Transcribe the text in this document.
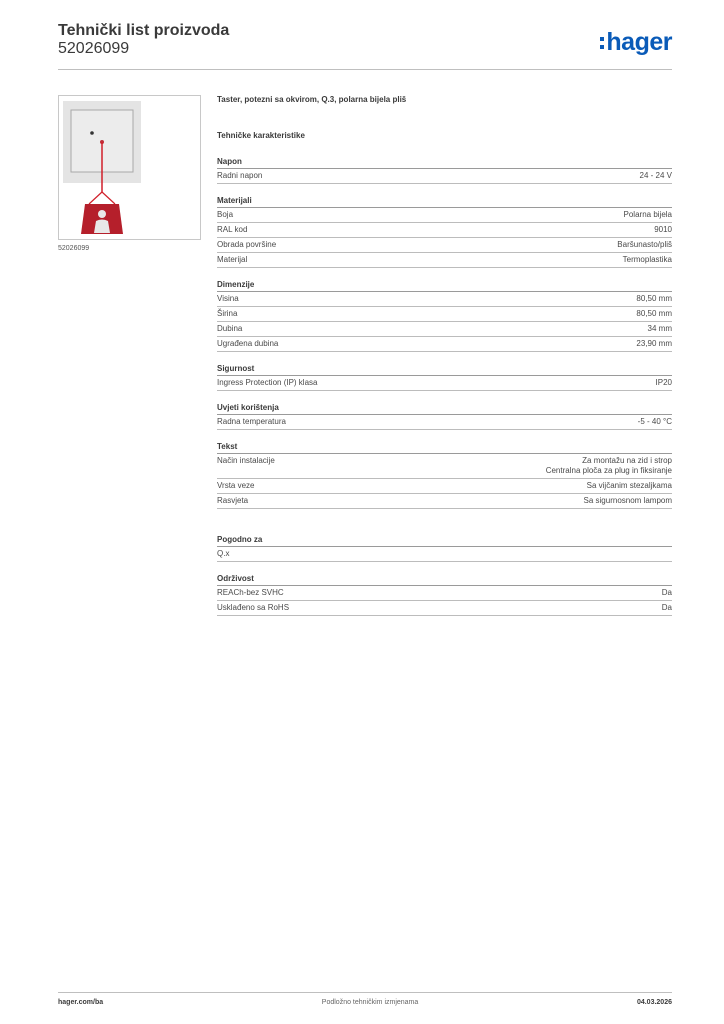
Tehnički list proizvoda
52026099	hager
52026099
Taster, potezni sa okvirom, Q.3, polarna bijela pliš
Tehničke karakteristike
Napon
Radni napon	24 - 24 V
Materijali
Boja	Polarna bijela
RAL kod	9010
Obrada površine	Baršunasto/pliš
Materijal	Termoplastika
Dimenzije
Visina	80,50 mm
Širina	80,50 mm
Dubina	34 mm
Ugrađena dubina	23,90 mm
Sigurnost
Ingress Protection (IP) klasa	IP20
Uvjeti korištenja
Radna temperatura	-5 - 40 °C
Tekst
Način instalacije	Za montažu na zid i strop
Centralna ploča za plug in fiksiranje
Vrsta veze	Sa vijčanim stezaljkama
Rasvjeta	Sa sigurnosnom lampom
Pogodno za
Q.x
Održivost
REACh-bez SVHC	Da
Usklađeno sa RoHS	Da
hager.com/ba	Podložno tehničkim izmjenama	04.03.2026
